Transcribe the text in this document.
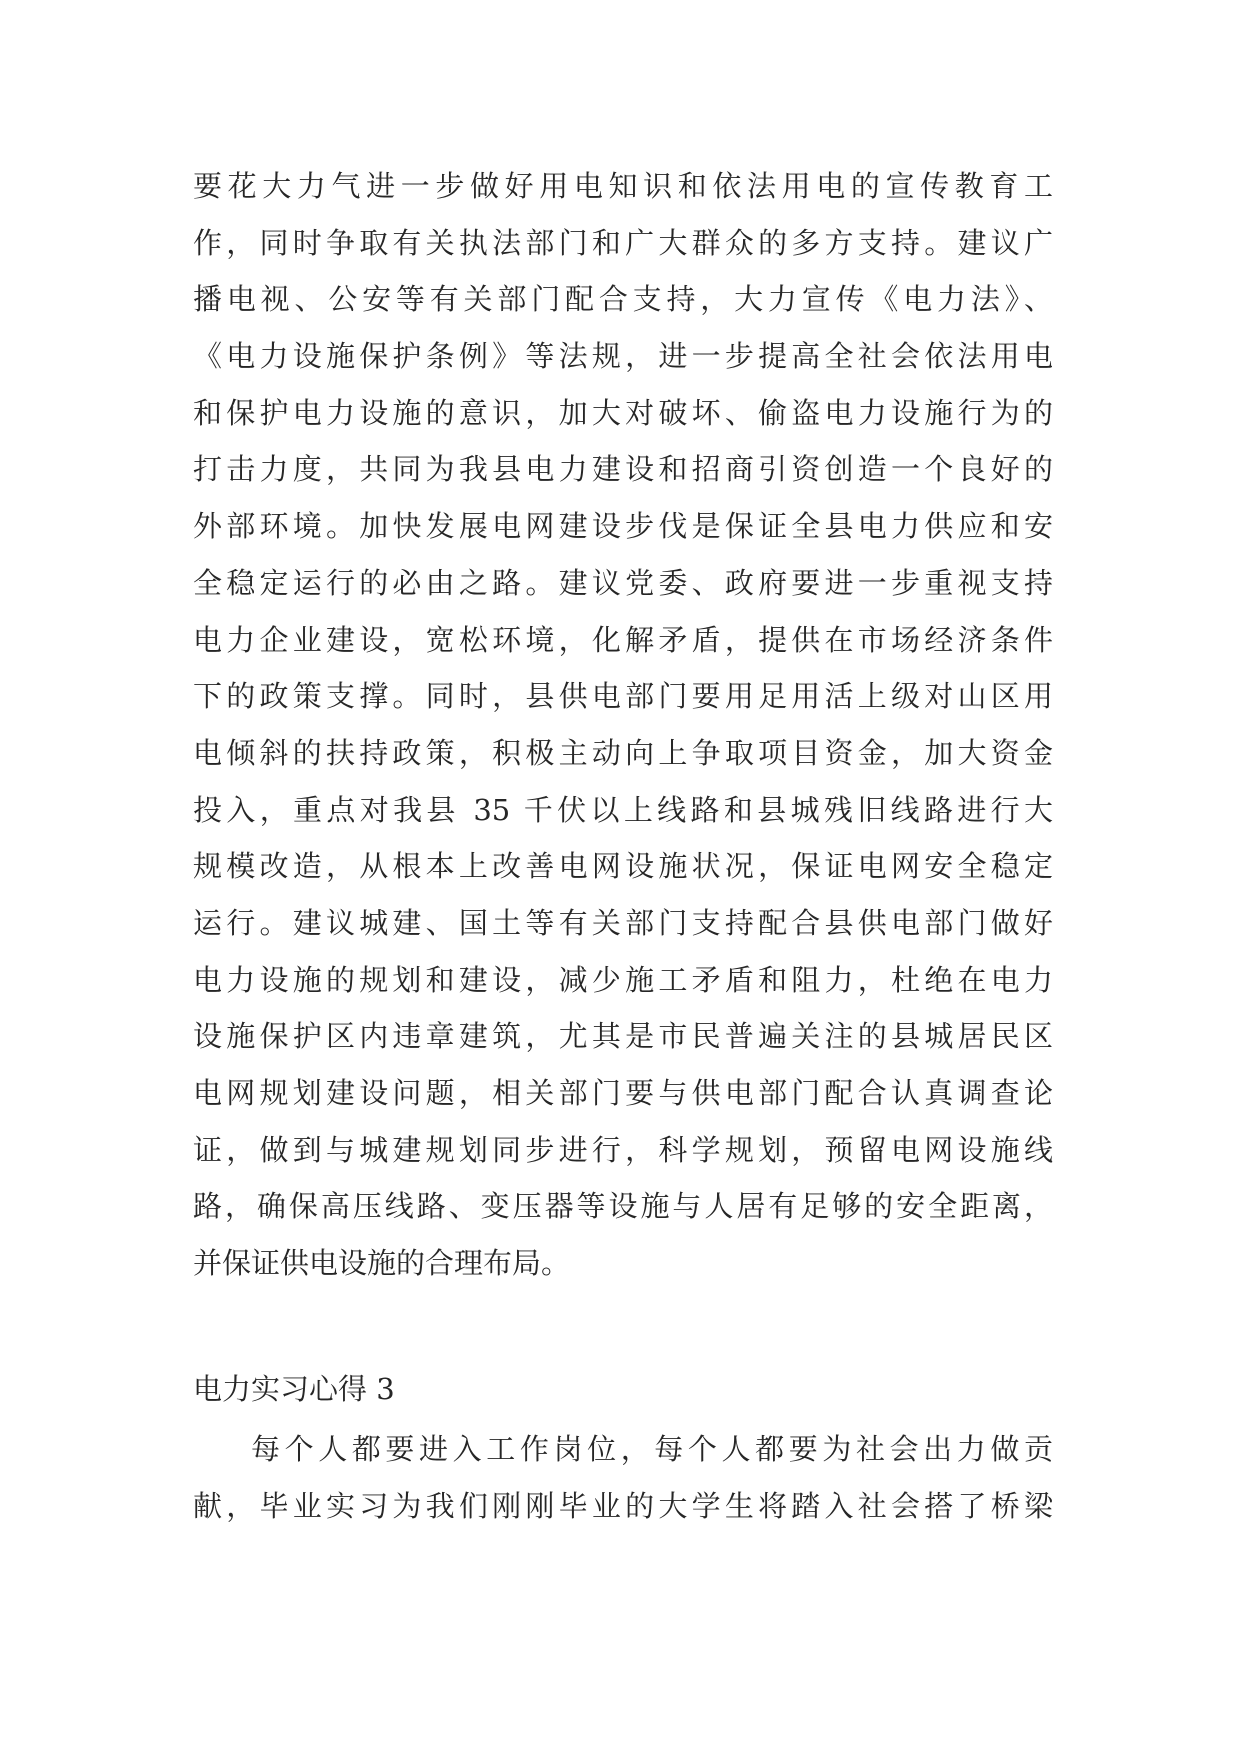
要花大力气进一步做好用电知识和依法用电的宣传教育工
作，同时争取有关执法部门和广大群众的多方支持。建议广
播电视、公安等有关部门配合支持，大力宣传《电力法》、
《电力设施保护条例》等法规，进一步提高全社会依法用电
和保护电力设施的意识，加大对破坏、偷盗电力设施行为的
打击力度，共同为我县电力建设和招商引资创造一个良好的
外部环境。加快发展电网建设步伐是保证全县电力供应和安
全稳定运行的必由之路。建议党委、政府要进一步重视支持
电力企业建设，宽松环境，化解矛盾，提供在市场经济条件
下的政策支撑。同时，县供电部门要用足用活上级对山区用
电倾斜的扶持政策，积极主动向上争取项目资金，加大资金
投入，重点对我县 35 千伏以上线路和县城残旧线路进行大
规模改造，从根本上改善电网设施状况，保证电网安全稳定
运行。建议城建、国土等有关部门支持配合县供电部门做好
电力设施的规划和建设，减少施工矛盾和阻力，杜绝在电力
设施保护区内违章建筑，尤其是市民普遍关注的县城居民区
电网规划建设问题，相关部门要与供电部门配合认真调查论
证，做到与城建规划同步进行，科学规划，预留电网设施线
路，确保高压线路、变压器等设施与人居有足够的安全距离，
并保证供电设施的合理布局。
电力实习心得 3
每个人都要进入工作岗位，每个人都要为社会出力做贡
献，毕业实习为我们刚刚毕业的大学生将踏入社会搭了桥梁
